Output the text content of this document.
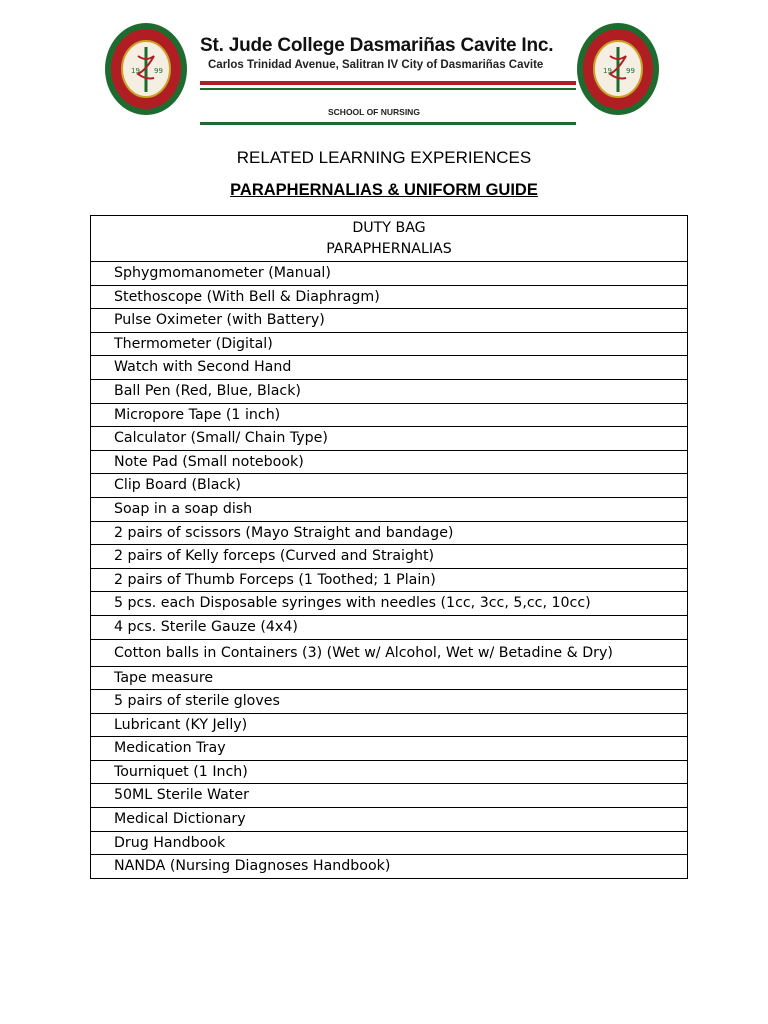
19 99
St. Jude College Dasmariñas Cavite Inc.
Carlos Trinidad Avenue, Salitran IV City of Dasmariñas Cavite
SCHOOL OF NURSING
19 99
RELATED LEARNING EXPERIENCES
PARAPHERNALIAS & UNIFORM GUIDE
DUTY BAG
PARAPHERNALIAS
Sphygmomanometer (Manual)
Stethoscope (With Bell & Diaphragm)
Pulse Oximeter (with Battery)
Thermometer (Digital)
Watch with Second Hand
Ball Pen (Red, Blue, Black)
Micropore Tape (1 inch)
Calculator (Small/ Chain Type)
Note Pad (Small notebook)
Clip Board (Black)
Soap in a soap dish
2 pairs of scissors (Mayo Straight and bandage)
2 pairs of Kelly forceps (Curved and Straight)
2 pairs of Thumb Forceps (1 Toothed; 1 Plain)
5 pcs. each Disposable syringes with needles (1cc, 3cc, 5,cc, 10cc)
4 pcs. Sterile Gauze (4x4)
Cotton balls in Containers (3) (Wet w/ Alcohol, Wet w/ Betadine & Dry)
Tape measure
5 pairs of sterile gloves
Lubricant (KY Jelly)
Medication Tray
Tourniquet (1 Inch)
50ML Sterile Water
Medical Dictionary
Drug Handbook
NANDA (Nursing Diagnoses Handbook)
